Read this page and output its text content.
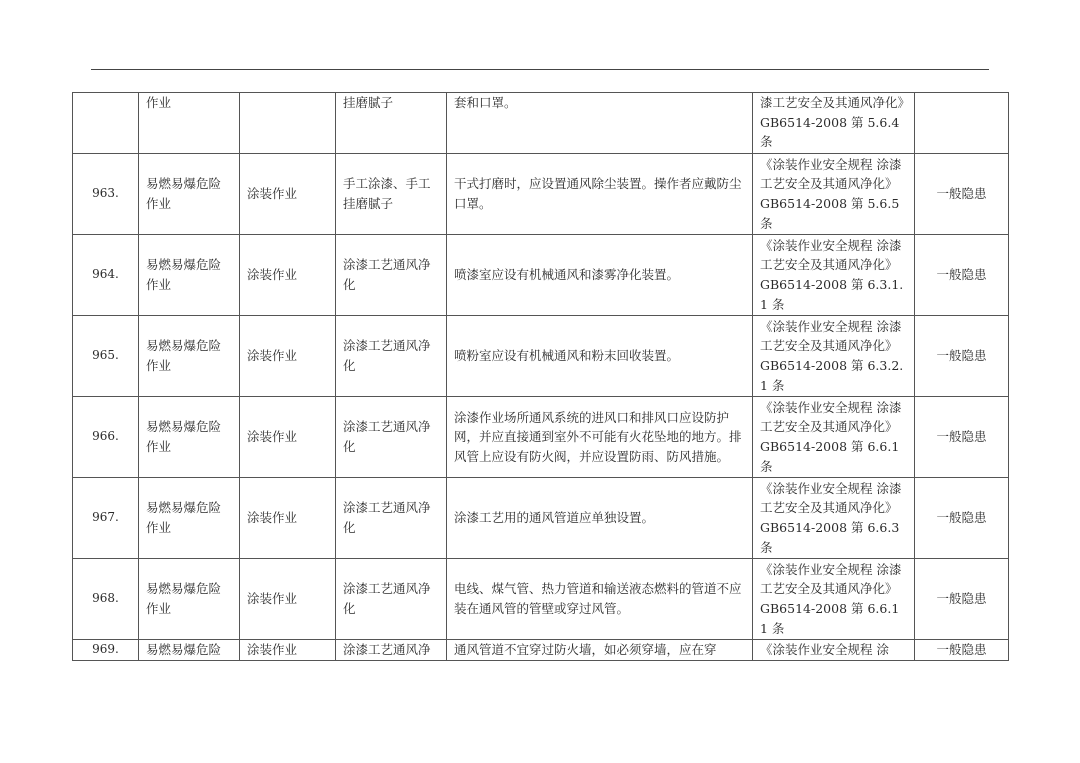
	作业		挂磨腻子	套和口罩。	漆工艺安全及其通风净化》GB6514-2008 第 5.6.4 条	
963.	易燃易爆危险作业	涂装作业	手工涂漆、手工挂磨腻子	干式打磨时，应设置通风除尘装置。操作者应戴防尘口罩。	《涂装作业安全规程 涂漆工艺安全及其通风净化》GB6514-2008 第 5.6.5 条	一般隐患
964.	易燃易爆危险作业	涂装作业	涂漆工艺通风净化	喷漆室应设有机械通风和漆雾净化装置。	《涂装作业安全规程 涂漆工艺安全及其通风净化》GB6514-2008 第 6.3.1.1 条	一般隐患
965.	易燃易爆危险作业	涂装作业	涂漆工艺通风净化	喷粉室应设有机械通风和粉末回收装置。	《涂装作业安全规程 涂漆工艺安全及其通风净化》GB6514-2008 第 6.3.2.1 条	一般隐患
966.	易燃易爆危险作业	涂装作业	涂漆工艺通风净化	涂漆作业场所通风系统的进风口和排风口应设防护网，并应直接通到室外不可能有火花坠地的地方。排风管上应设有防火阀，并应设置防雨、防风措施。	《涂装作业安全规程 涂漆工艺安全及其通风净化》GB6514-2008 第 6.6.1 条	一般隐患
967.	易燃易爆危险作业	涂装作业	涂漆工艺通风净化	涂漆工艺用的通风管道应单独设置。	《涂装作业安全规程 涂漆工艺安全及其通风净化》GB6514-2008 第 6.6.3 条	一般隐患
968.	易燃易爆危险作业	涂装作业	涂漆工艺通风净化	电线、煤气管、热力管道和输送液态燃料的管道不应装在通风管的管壁或穿过风管。	《涂装作业安全规程 涂漆工艺安全及其通风净化》GB6514-2008 第 6.6.11 条	一般隐患
969.	易燃易爆危险	涂装作业	涂漆工艺通风净	通风管道不宜穿过防火墙，如必须穿墙，应在穿	《涂装作业安全规程 涂	一般隐患
